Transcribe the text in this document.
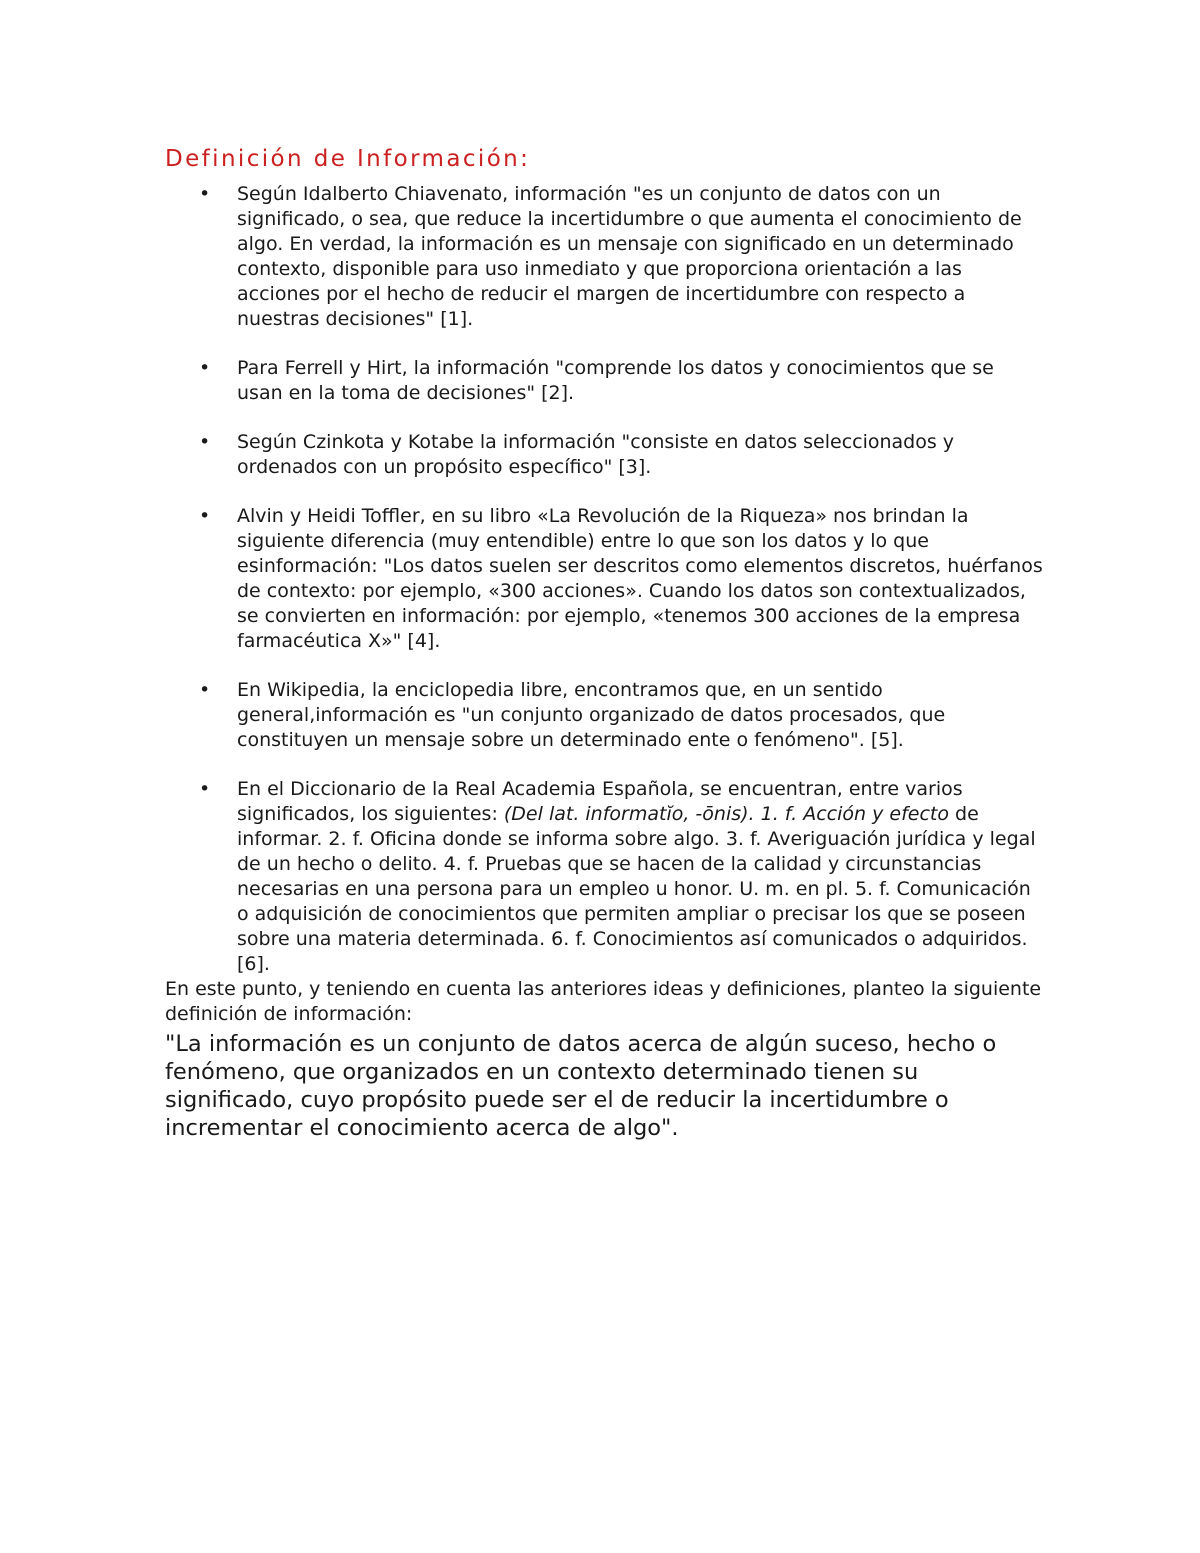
Definición de Información:
• Según Idalberto Chiavenato, información "es un conjunto de datos con un significado, o sea, que reduce la incertidumbre o que aumenta el conocimiento de algo. En verdad, la información es un mensaje con significado en un determinado contexto, disponible para uso inmediato y que proporciona orientación a las acciones por el hecho de reducir el margen de incertidumbre con respecto a nuestras decisiones" [1].
• Para Ferrell y Hirt, la información "comprende los datos y conocimientos que se usan en la toma de decisiones" [2].
• Según Czinkota y Kotabe la información "consiste en datos seleccionados y ordenados con un propósito específico" [3].
• Alvin y Heidi Toffler, en su libro «La Revolución de la Riqueza» nos brindan la siguiente diferencia (muy entendible) entre lo que son los datos y lo que esinformación: "Los datos suelen ser descritos como elementos discretos, huérfanos de contexto: por ejemplo, «300 acciones». Cuando los datos son contextualizados, se convierten en información: por ejemplo, «tenemos 300 acciones de la empresa farmacéutica X»" [4].
• En Wikipedia, la enciclopedia libre, encontramos que, en un sentido general,información es "un conjunto organizado de datos procesados, que constituyen un mensaje sobre un determinado ente o fenómeno". [5].
• En el Diccionario de la Real Academia Española, se encuentran, entre varios significados, los siguientes: (Del lat. informatĭo, -ōnis). 1. f. Acción y efecto de informar. 2. f. Oficina donde se informa sobre algo. 3. f. Averiguación jurídica y legal de un hecho o delito. 4. f. Pruebas que se hacen de la calidad y circunstancias necesarias en una persona para un empleo u honor. U. m. en pl. 5. f. Comunicación o adquisición de conocimientos que permiten ampliar o precisar los que se poseen sobre una materia determinada. 6. f. Conocimientos así comunicados o adquiridos. [6].

En este punto, y teniendo en cuenta las anteriores ideas y definiciones, planteo la siguiente definición de información:

"La información es un conjunto de datos acerca de algún suceso, hecho o fenómeno, que organizados en un contexto determinado tienen su significado, cuyo propósito puede ser el de reducir la incertidumbre o incrementar el conocimiento acerca de algo".
